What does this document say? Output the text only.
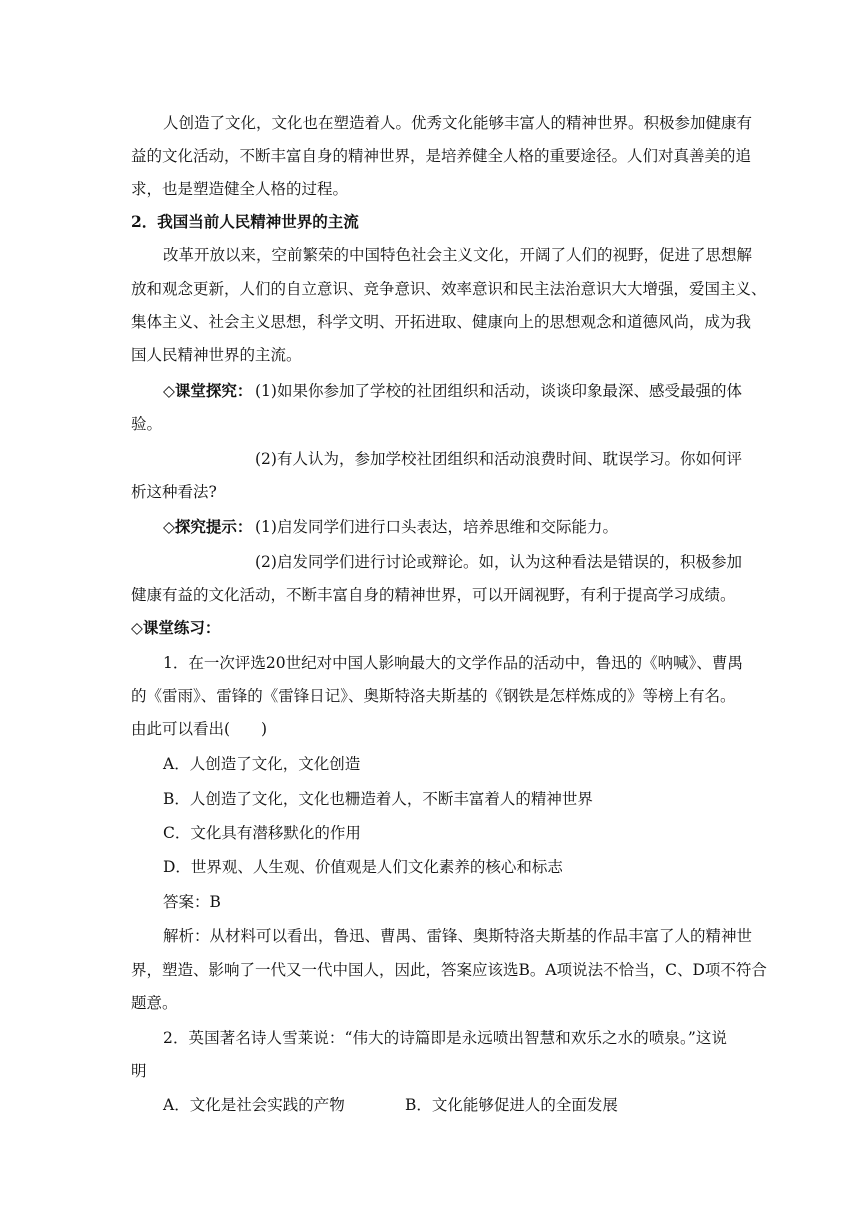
人创造了文化，文化也在塑造着人。优秀文化能够丰富人的精神世界。积极参加健康有
益的文化活动，不断丰富自身的精神世界，是培养健全人格的重要途径。人们对真善美的追
求，也是塑造健全人格的过程。
2．我国当前人民精神世界的主流
改革开放以来，空前繁荣的中国特色社会主义文化，开阔了人们的视野，促进了思想解
放和观念更新，人们的自立意识、竞争意识、效率意识和民主法治意识大大增强，爱国主义、
集体主义、社会主义思想，科学文明、开拓进取、健康向上的思想观念和道德风尚，成为我
国人民精神世界的主流。
◇课堂探究： (1)如果你参加了学校的社团组织和活动，谈谈印象最深、感受最强的体
验。
(2)有人认为，参加学校社团组织和活动浪费时间、耽误学习。你如何评
析这种看法?
◇探究提示： (1)启发同学们进行口头表达，培养思维和交际能力。
(2)启发同学们进行讨论或辩论。如，认为这种看法是错误的，积极参加
健康有益的文化活动，不断丰富自身的精神世界，可以开阔视野，有利于提高学习成绩。
◇课堂练习：
1．在一次评选20世纪对中国人影响最大的文学作品的活动中，鲁迅的《呐喊》、曹禺
的《雷雨》、雷锋的《雷锋日记》、奥斯特洛夫斯基的《钢铁是怎样炼成的》等榜上有名。
由此可以看出(　　)
A．人创造了文化，文化创造
B．人创造了文化，文化也粣造着人，不断丰富着人的精神世界
C．文化具有潜移默化的作用
D．世界观、人生观、价值观是人们文化素养的核心和标志
答案：B
解析：从材料可以看出，鲁迅、曹禺、雷锋、奥斯特洛夫斯基的作品丰富了人的精神世
界，塑造、影响了一代又一代中国人，因此，答案应该选B。A项说法不恰当，C、D项不符合
题意。
2．英国著名诗人雪莱说：“伟大的诗篇即是永远喷出智慧和欢乐之水的喷泉。”这说
明
A．文化是社会实践的产物	B．文化能够促进人的全面发展
